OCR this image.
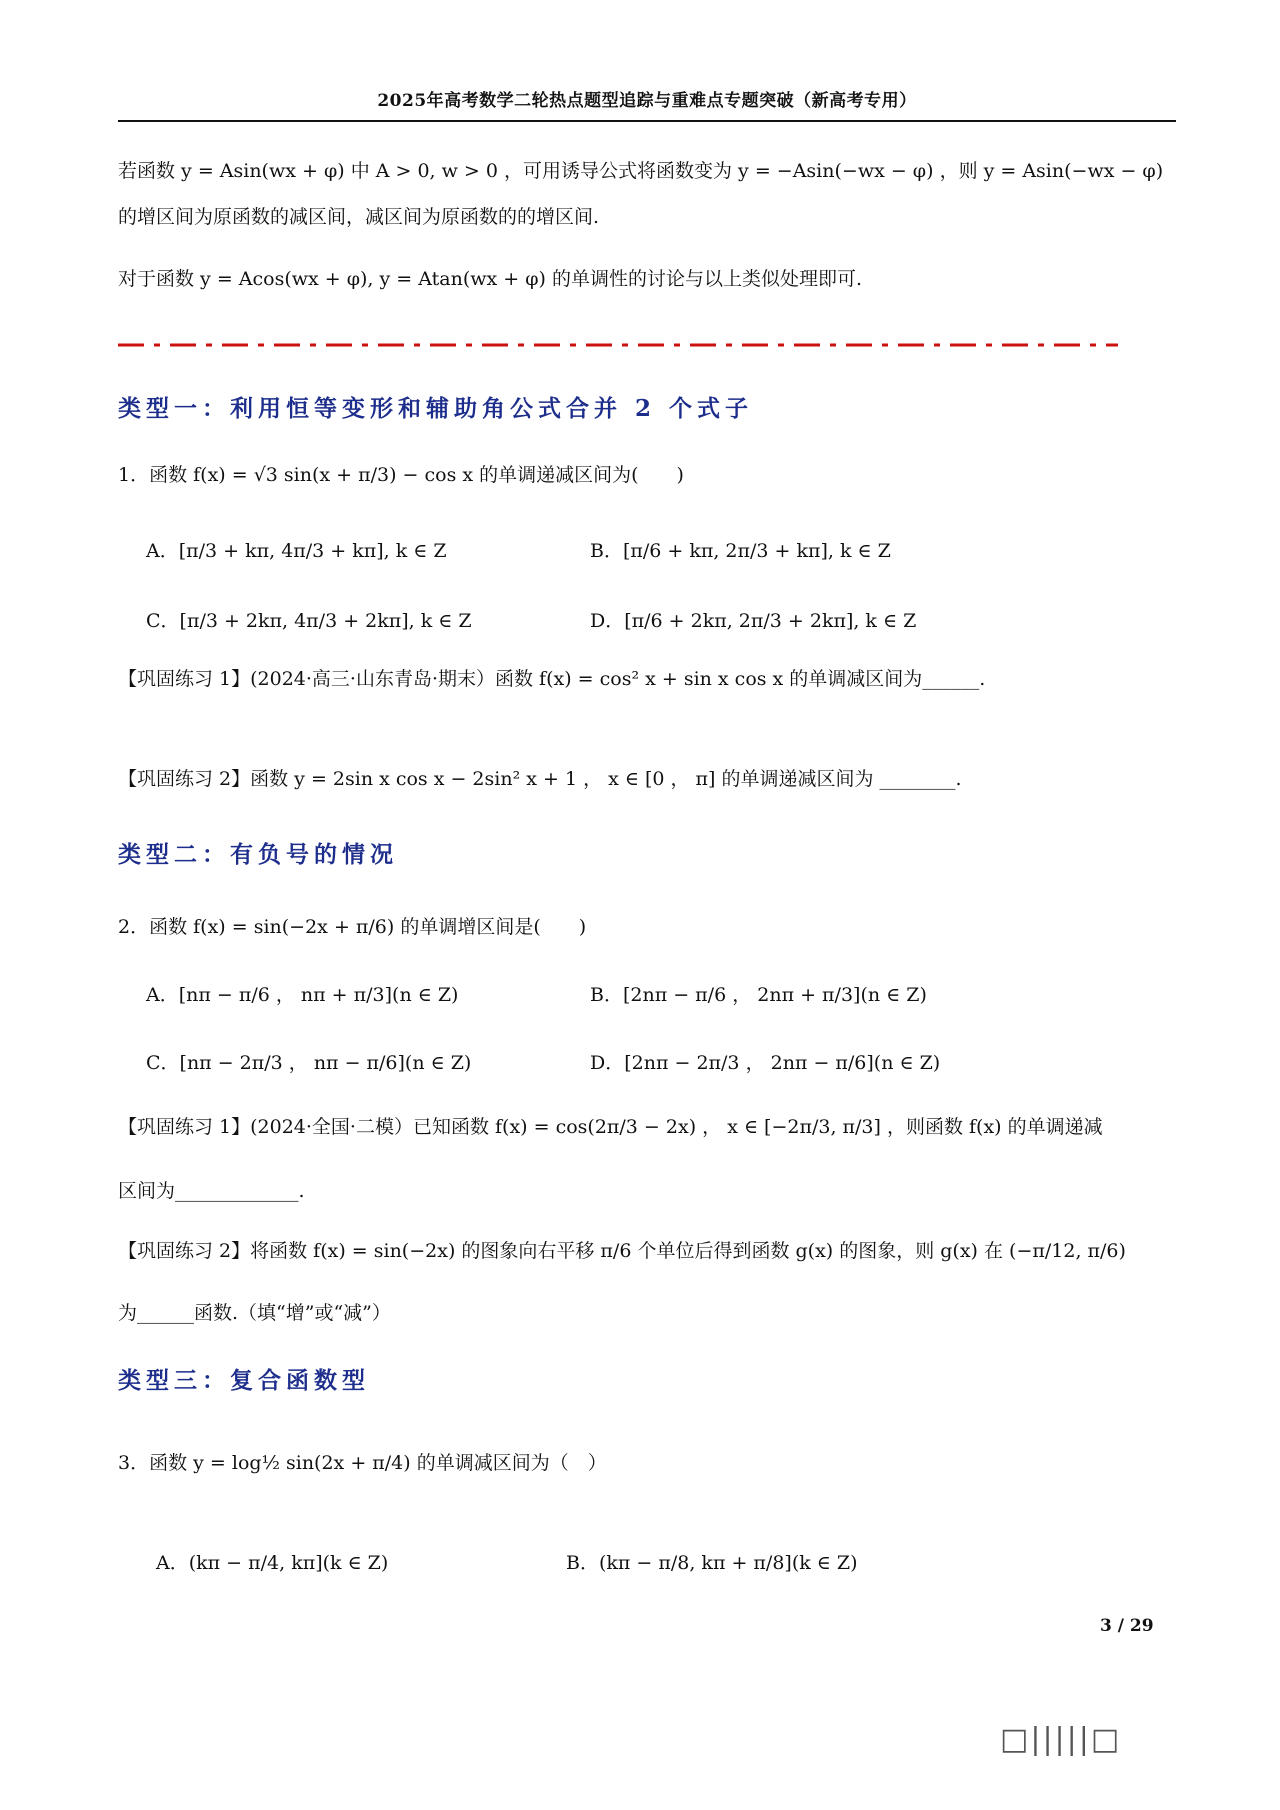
2025年高考数学二轮热点题型追踪与重难点专题突破（新高考专用）
若函数 y = Asin(wx + φ) 中 A > 0, w > 0 ，可用诱导公式将函数变为 y = −Asin(−wx − φ) ，则 y = Asin(−wx − φ)
的增区间为原函数的减区间，减区间为原函数的的增区间.
对于函数 y = Acos(wx + φ), y = Atan(wx + φ) 的单调性的讨论与以上类似处理即可.
类型一：利用恒等变形和辅助角公式合并 2 个式子
1．函数 f(x) = √3 sin(x + π/3) − cos x 的单调递减区间为(　　)
A．[π/3 + kπ, 4π/3 + kπ], k ∈ Z	B．[π/6 + kπ, 2π/3 + kπ], k ∈ Z
C．[π/3 + 2kπ, 4π/3 + 2kπ], k ∈ Z	D．[π/6 + 2kπ, 2π/3 + 2kπ], k ∈ Z
【巩固练习 1】(2024·高三·山东青岛·期末）函数 f(x) = cos² x + sin x cos x 的单调减区间为______.
【巩固练习 2】函数 y = 2sin x cos x − 2sin² x + 1 ， x ∈ [0 ， π] 的单调递减区间为 ________.
类型二：有负号的情况
2．函数 f(x) = sin(−2x + π/6) 的单调增区间是(　　)
A．[nπ − π/6 ， nπ + π/3](n ∈ Z)	B．[2nπ − π/6 ， 2nπ + π/3](n ∈ Z)
C．[nπ − 2π/3 ， nπ − π/6](n ∈ Z)	D．[2nπ − 2π/3 ， 2nπ − π/6](n ∈ Z)
【巩固练习 1】(2024·全国·二模）已知函数 f(x) = cos(2π/3 − 2x) ， x ∈ [−2π/3, π/3] ，则函数 f(x) 的单调递减
区间为_____________.
【巩固练习 2】将函数 f(x) = sin(−2x) 的图象向右平移 π/6 个单位后得到函数 g(x) 的图象，则 g(x) 在 (−π/12, π/6)
为______函数.（填“增”或“减”）
类型三：复合函数型
3．函数 y = log½ sin(2x + π/4) 的单调减区间为（　）
A．(kπ − π/4, kπ](k ∈ Z)	B．(kπ − π/8, kπ + π/8](k ∈ Z)
3 / 29
□|||||□
